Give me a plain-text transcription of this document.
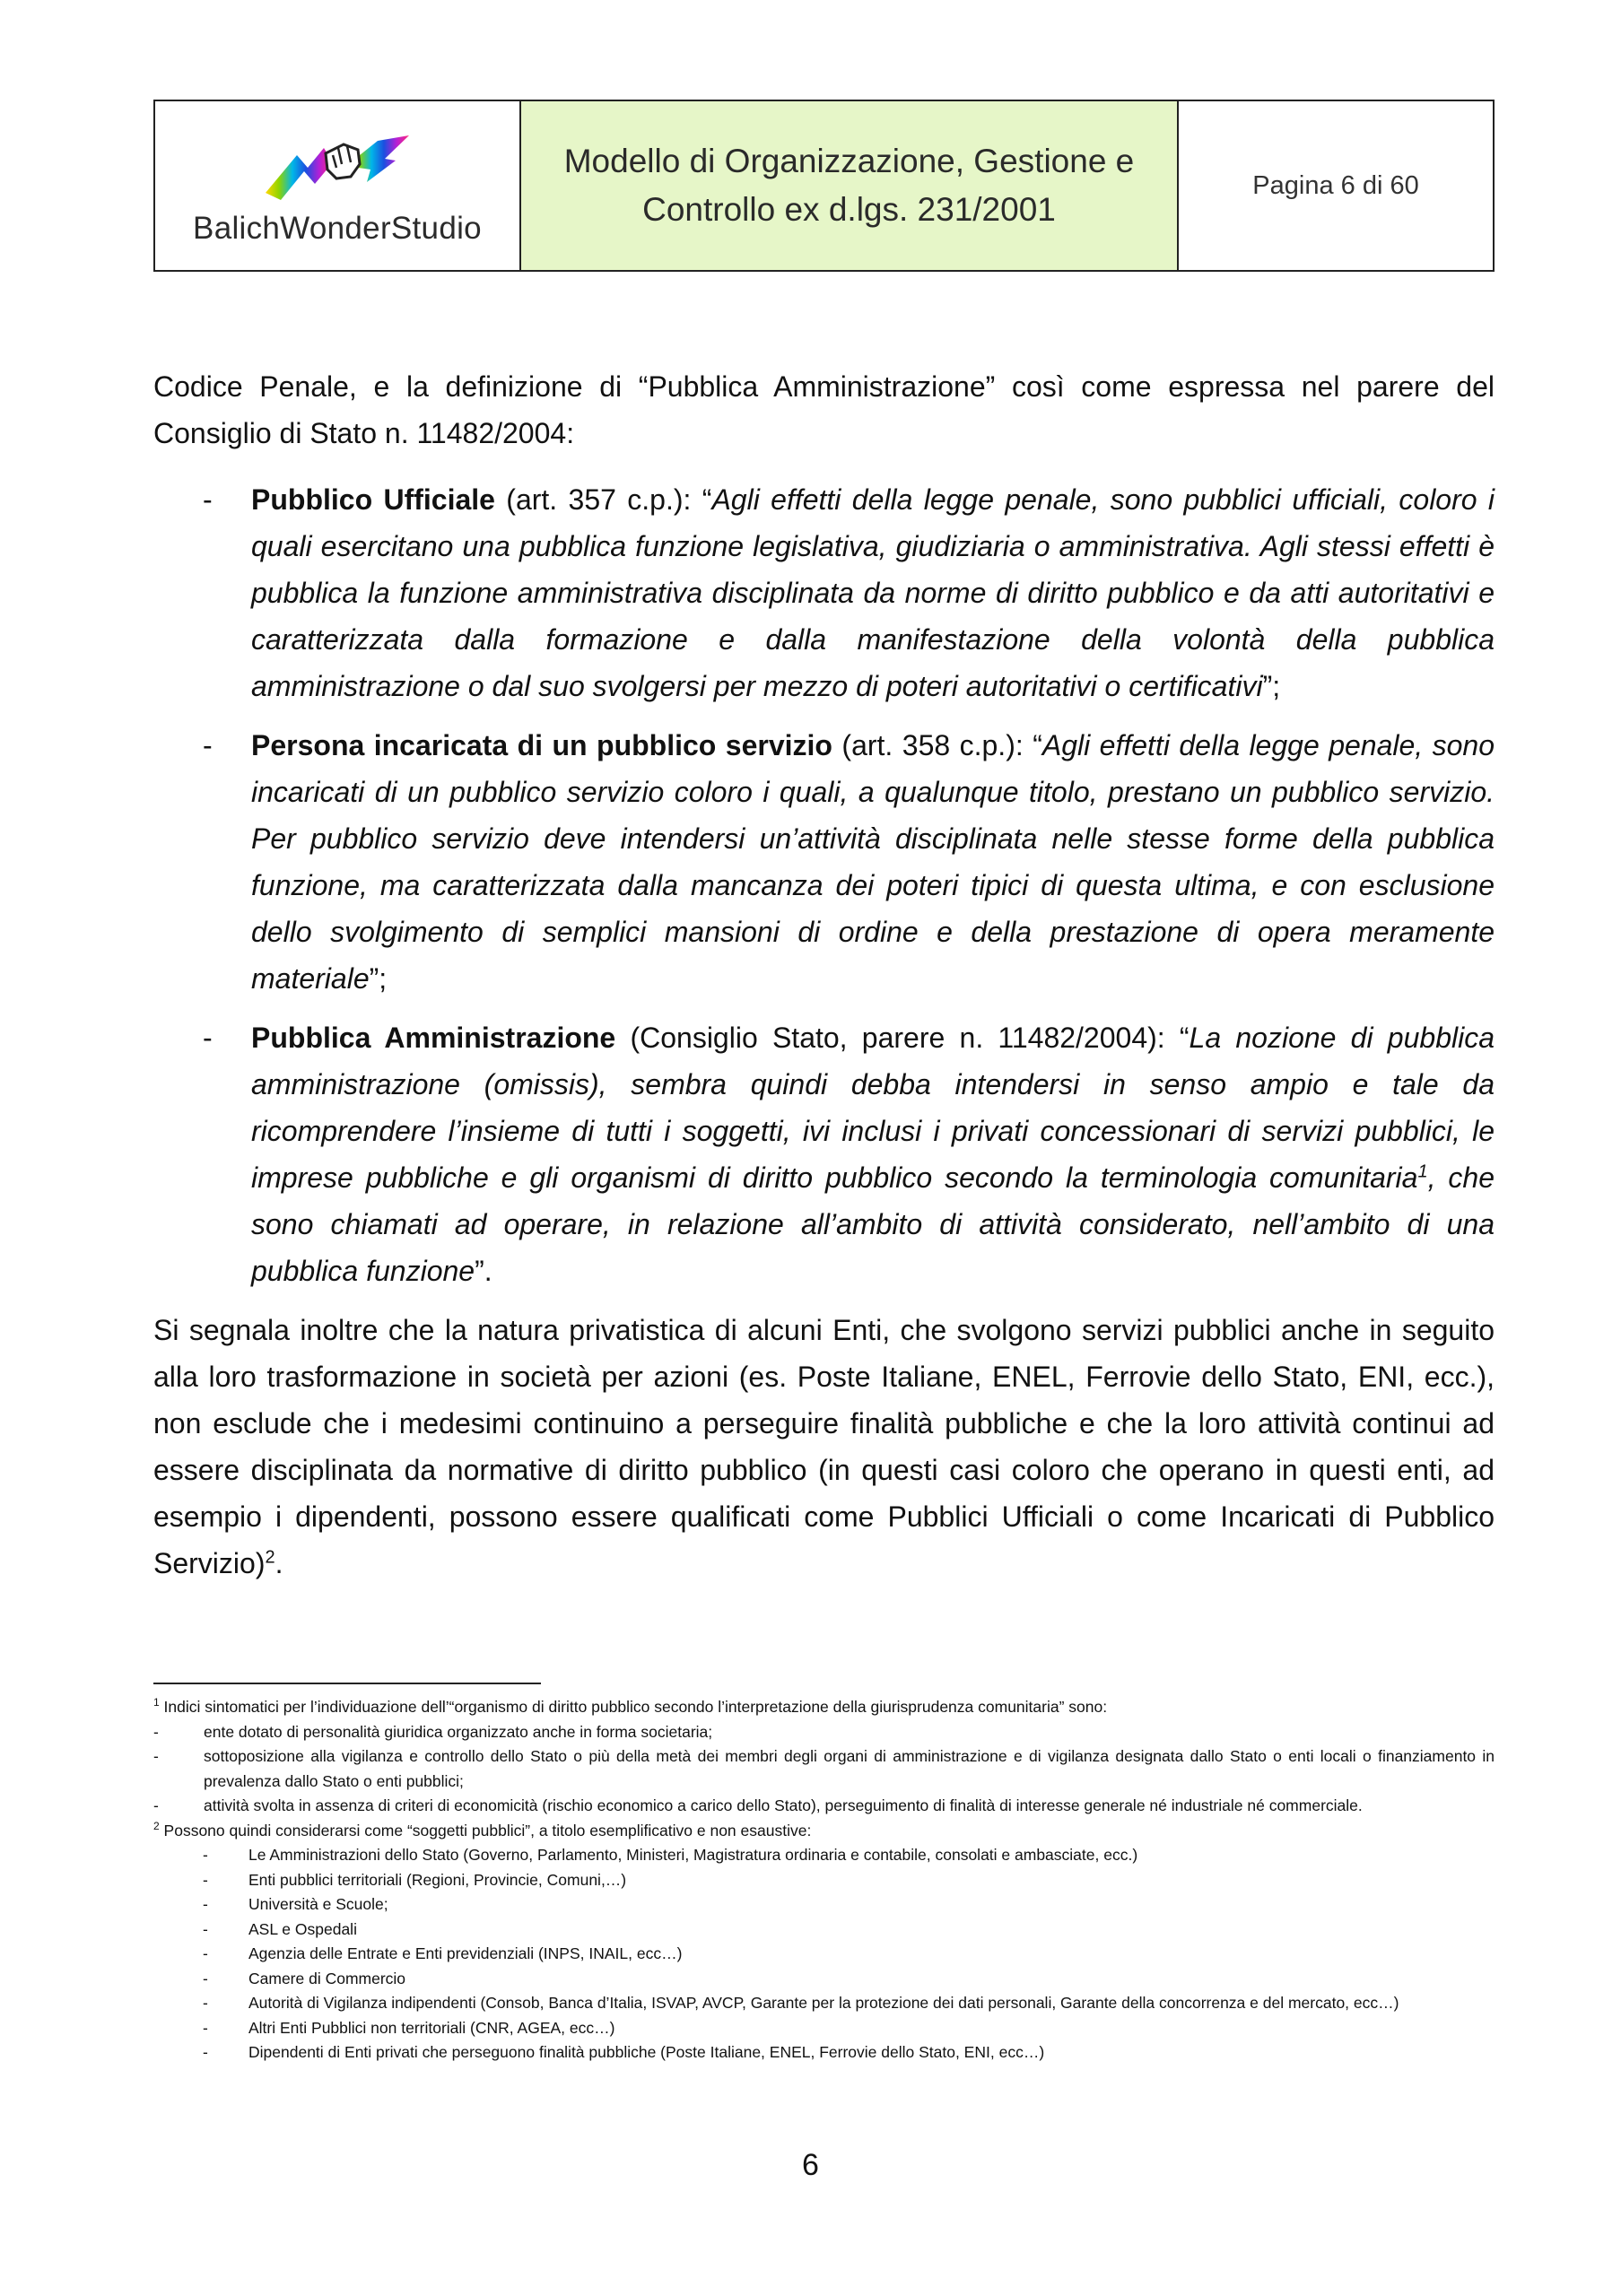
BalichWonderStudio
Modello di Organizzazione, Gestione e
Controllo ex d.lgs. 231/2001
Pagina 6 di 60

Codice Penale, e la definizione di “Pubblica Amministrazione” così come espressa nel parere del Consiglio di Stato n. 11482/2004:

-	Pubblico Ufficiale (art. 357 c.p.): “Agli effetti della legge penale, sono pubblici ufficiali, coloro i quali esercitano una pubblica funzione legislativa, giudiziaria o amministrativa. Agli stessi effetti è pubblica la funzione amministrativa disciplinata da norme di diritto pubblico e da atti autoritativi e caratterizzata dalla formazione e dalla manifestazione della volontà della pubblica amministrazione o dal suo svolgersi per mezzo di poteri autoritativi o certificativi”;
-	Persona incaricata di un pubblico servizio (art. 358 c.p.): “Agli effetti della legge penale, sono incaricati di un pubblico servizio coloro i quali, a qualunque titolo, prestano un pubblico servizio. Per pubblico servizio deve intendersi un’attività disciplinata nelle stesse forme della pubblica funzione, ma caratterizzata dalla mancanza dei poteri tipici di questa ultima, e con esclusione dello svolgimento di semplici mansioni di ordine e della prestazione di opera meramente materiale”;
-	Pubblica Amministrazione (Consiglio Stato, parere n. 11482/2004): “La nozione di pubblica amministrazione (omissis), sembra quindi debba intendersi in senso ampio e tale da ricomprendere l’insieme di tutti i soggetti, ivi inclusi i privati concessionari di servizi pubblici, le imprese pubbliche e gli organismi di diritto pubblico secondo la terminologia comunitaria$^1$, che sono chiamati ad operare, in relazione all’ambito di attività considerato, nell’ambito di una pubblica funzione”.

Si segnala inoltre che la natura privatistica di alcuni Enti, che svolgono servizi pubblici anche in seguito alla loro trasformazione in società per azioni (es. Poste Italiane, ENEL, Ferrovie dello Stato, ENI, ecc.), non esclude che i medesimi continuino a perseguire finalità pubbliche e che la loro attività continui ad essere disciplinata da normative di diritto pubblico (in questi casi coloro che operano in questi enti, ad esempio i dipendenti, possono essere qualificati come Pubblici Ufficiali o come Incaricati di Pubblico Servizio)$^2$.

$^1$ Indici sintomatici per l’individuazione dell’“organismo di diritto pubblico secondo l’interpretazione della giurisprudenza comunitaria” sono:
-	ente dotato di personalità giuridica organizzato anche in forma societaria;
-	sottoposizione alla vigilanza e controllo dello Stato o più della metà dei membri degli organi di amministrazione e di vigilanza designata dallo Stato o enti locali o finanziamento in prevalenza dallo Stato o enti pubblici;
-	attività svolta in assenza di criteri di economicità (rischio economico a carico dello Stato), perseguimento di finalità di interesse generale né industriale né commerciale.
$^2$ Possono quindi considerarsi come “soggetti pubblici”, a titolo esemplificativo e non esaustive:
-	Le Amministrazioni dello Stato (Governo, Parlamento, Ministeri, Magistratura ordinaria e contabile, consolati e ambasciate, ecc.)
-	Enti pubblici territoriali (Regioni, Provincie, Comuni,…)
-	Università e Scuole;
-	ASL e Ospedali
-	Agenzia delle Entrate e Enti previdenziali (INPS, INAIL, ecc…)
-	Camere di Commercio
-	Autorità di Vigilanza indipendenti (Consob, Banca d’Italia, ISVAP, AVCP, Garante per la protezione dei dati personali, Garante della concorrenza e del mercato, ecc…)
-	Altri Enti Pubblici non territoriali (CNR, AGEA, ecc…)
-	Dipendenti di Enti privati che perseguono finalità pubbliche (Poste Italiane, ENEL, Ferrovie dello Stato, ENI, ecc…)
6
